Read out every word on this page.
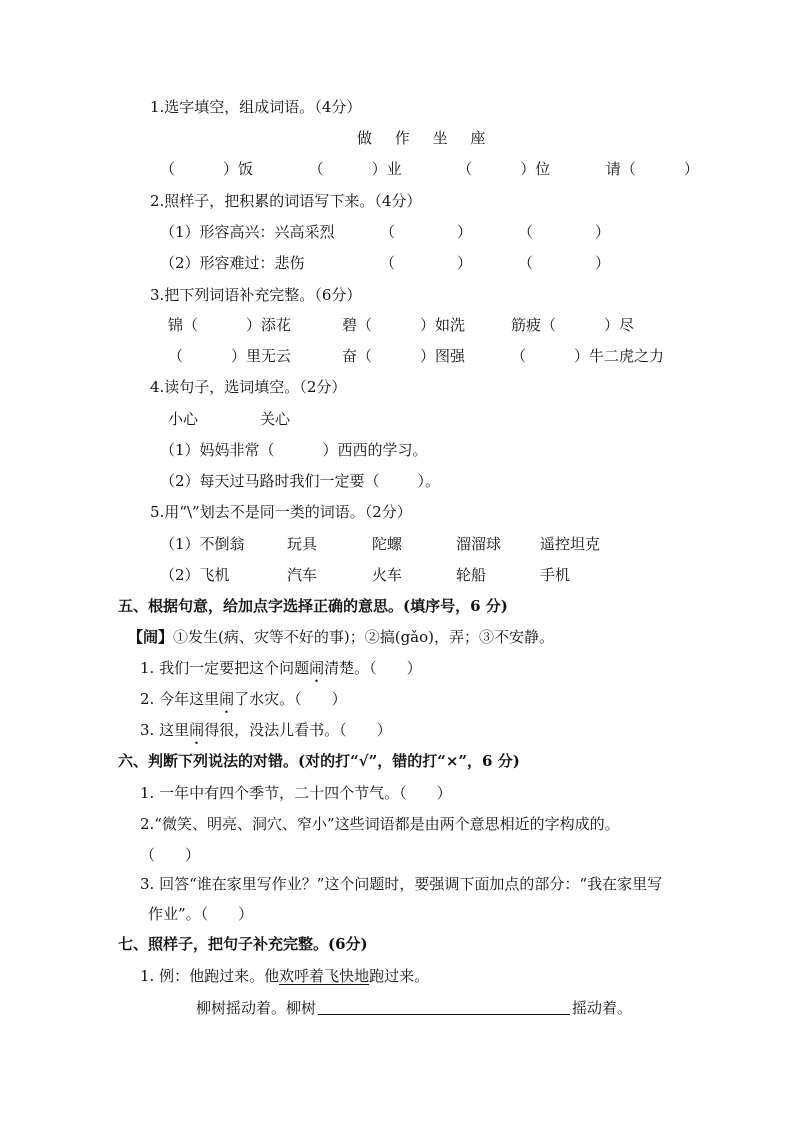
1.选字填空，组成词语。（4分）
做 作 坐 座
（	）饭	（	）业	（	）位	请（	）
2.照样子，把积累的词语写下来。（4分）
（1）形容高兴：兴高采烈	（	）	（	）
（2）形容难过：悲伤	（	）	（	）
3.把下列词语补充完整。（6分）
锦（	）添花	碧（	）如洗	筋疲（	）尽
（	）里无云	奋（	）图强	（	）牛二虎之力
4.读句子，选词填空。（2分）
小心	关心
（1）妈妈非常（	）西西的学习。
（2）每天过马路时我们一定要（	）。
5.用“\”划去不是同一类的词语。（2分）
（1）不倒翁	玩具	陀螺	溜溜球	遥控坦克
（2）飞机	汽车	火车	轮船	手机
五、根据句意，给加点字选择正确的意思。(填序号，6 分)
【闹】①发生(病、灾等不好的事)；②搞(gǎo)，弄；③不安静。
1. 我们一定要把这个问题闹清楚。（　　）
2. 今年这里闹了水灾。（　　）
3. 这里闹得很，没法儿看书。（　　）
六、判断下列说法的对错。(对的打“√”，错的打“×”，6 分)
1. 一年中有四个季节，二十四个节气。（　　）
2.“微笑、明亮、洞穴、窄小”这些词语都是由两个意思相近的字构成的。
（　　）
3. 回答“谁在家里写作业？”这个问题时，要强调下面加点的部分：“我在家里写
作业”。（　　）
七、照样子，把句子补充完整。(6分)
1. 例：他跑过来。他欢呼着飞快地跑过来。
柳树摇动着。柳树	摇动着。
